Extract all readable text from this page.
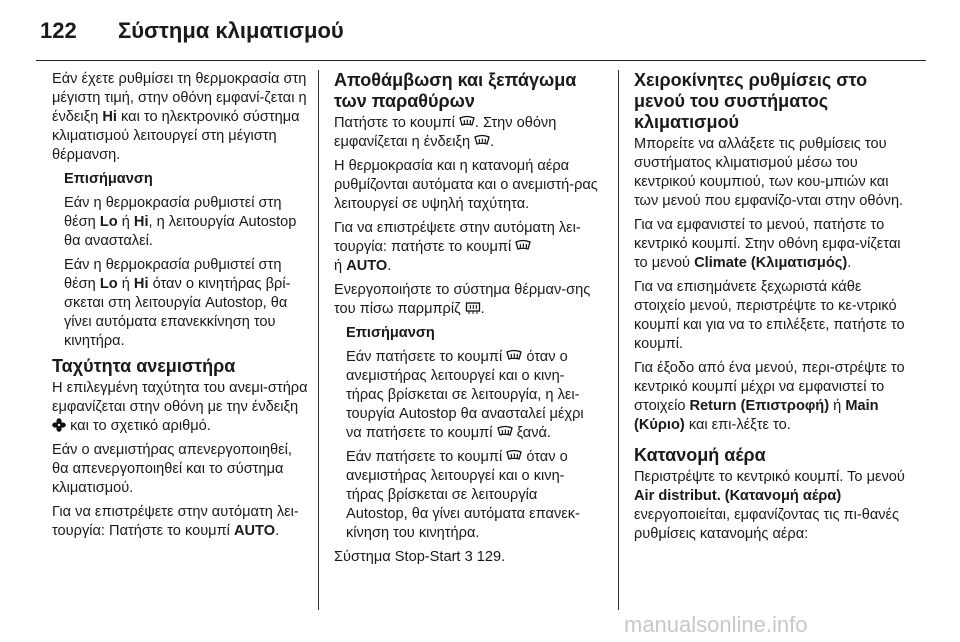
122 Σύστημα κλιματισμού

Εάν έχετε ρυθμίσει τη θερμοκρασία στη μέγιστη τιμή, στην οθόνη εμφανί-ζεται η ένδειξη Hi και το ηλεκτρονικό σύστημα κλιματισμού λειτουργεί στη μέγιστη θέρμανση.

Επισήμανση

Εάν η θερμοκρασία ρυθμιστεί στη θέση Lo ή Hi, η λειτουργία Autostop θα ανασταλεί.

Εάν η θερμοκρασία ρυθμιστεί στη θέση Lo ή Hi όταν ο κινητήρας βρί-σκεται στη λειτουργία Autostop, θα γίνει αυτόματα επανεκκίνηση του κινητήρα.

Ταχύτητα ανεμιστήρα

Η επιλεγμένη ταχύτητα του ανεμι-στήρα εμφανίζεται στην οθόνη με την ένδειξη  και το σχετικό αριθμό.

Εάν ο ανεμιστήρας απενεργοποιηθεί, θα απενεργοποιηθεί και το σύστημα κλιματισμού.

Για να επιστρέψετε στην αυτόματη λει-τουργία: Πατήστε το κουμπί AUTO.

Αποθάμβωση και ξεπάγωμα των παραθύρων

Πατήστε το κουμπί . Στην οθόνη εμφανίζεται η ένδειξη .

Η θερμοκρασία και η κατανομή αέρα ρυθμίζονται αυτόματα και ο ανεμιστή-ρας λειτουργεί σε υψηλή ταχύτητα.

Για να επιστρέψετε στην αυτόματη λει-τουργία: πατήστε το κουμπί
ή AUTO.

Ενεργοποιήστε το σύστημα θέρμαν-σης του πίσω παρμπρίζ .

Επισήμανση

Εάν πατήσετε το κουμπί όταν ο ανεμιστήρας λειτουργεί και ο κινη-τήρας βρίσκεται σε λειτουργία, η λει-τουργία Autostop θα ανασταλεί μέχρι να πατήσετε το κουμπί ξανά.

Εάν πατήσετε το κουμπί όταν ο ανεμιστήρας λειτουργεί και ο κινη-τήρας βρίσκεται σε λειτουργία Autostop, θα γίνει αυτόματα επανεκ-κίνηση του κινητήρα.

Σύστημα Stop-Start 3 129.

Χειροκίνητες ρυθμίσεις στο μενού του συστήματος κλιματισμού

Μπορείτε να αλλάξετε τις ρυθμίσεις του συστήματος κλιματισμού μέσω του κεντρικού κουμπιού, των κου-μπιών και των μενού που εμφανίζο-νται στην οθόνη.

Για να εμφανιστεί το μενού, πατήστε το κεντρικό κουμπί. Στην οθόνη εμφα-νίζεται το μενού Climate (Κλιματισμός).

Για να επισημάνετε ξεχωριστά κάθε στοιχείο μενού, περιστρέψτε το κε-ντρικό κουμπί και για να το επιλέξετε, πατήστε το κουμπί.

Για έξοδο από ένα μενού, περι-στρέψτε το κεντρικό κουμπί μέχρι να εμφανιστεί το στοιχείο Return (Επιστροφή) ή Main (Κύριο) και επι-λέξτε το.

Κατανομή αέρα

Περιστρέψτε το κεντρικό κουμπί. Το μενού Air distribut. (Κατανομή αέρα) ενεργοποιείται, εμφανίζοντας τις πι-θανές ρυθμίσεις κατανομής αέρα:

manualsonline.info
